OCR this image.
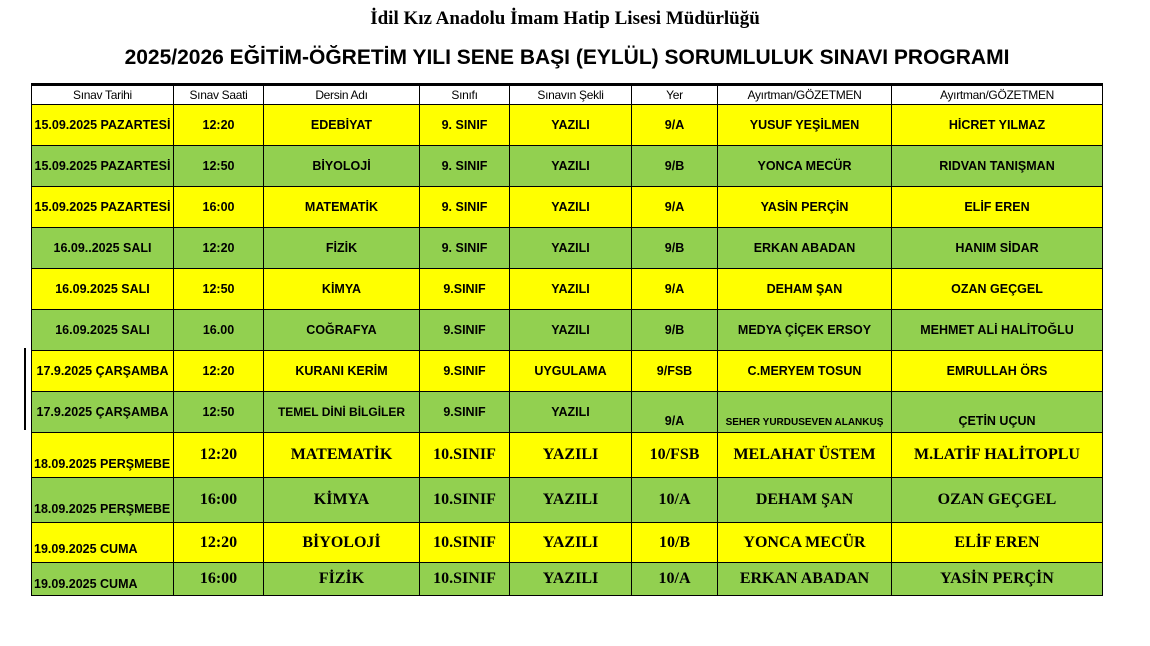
İdil Kız Anadolu İmam Hatip Lisesi Müdürlüğü
2025/2026 EĞİTİM-ÖĞRETİM YILI SENE BAŞI (EYLÜL) SORUMLULUK SINAVI PROGRAMI
Sınav Tarihi	Sınav Saati	Dersin Adı	Sınıfı	Sınavın Şekli	Yer	Ayırtman/GÖZETMEN	Ayırtman/GÖZETMEN
15.09.2025 PAZARTESİ	12:20	EDEBİYAT	9. SINIF	YAZILI	9/A	YUSUF YEŞİLMEN	HİCRET YILMAZ
15.09.2025 PAZARTESİ	12:50	BİYOLOJİ	9. SINIF	YAZILI	9/B	YONCA MECÜR	RIDVAN TANIŞMAN
15.09.2025 PAZARTESİ	16:00	MATEMATİK	9. SINIF	YAZILI	9/A	YASİN PERÇİN	ELİF EREN
16.09..2025 SALI	12:20	FİZİK	9. SINIF	YAZILI	9/B	ERKAN ABADAN	HANIM SİDAR
16.09.2025 SALI	12:50	KİMYA	9.SINIF	YAZILI	9/A	DEHAM ŞAN	OZAN GEÇGEL
16.09.2025 SALI	16.00	COĞRAFYA	9.SINIF	YAZILI	9/B	MEDYA ÇİÇEK ERSOY	MEHMET ALİ HALİTOĞLU
17.9.2025 ÇARŞAMBA	12:20	KURANI KERİM	9.SINIF	UYGULAMA	9/FSB	C.MERYEM TOSUN	EMRULLAH ÖRS
17.9.2025 ÇARŞAMBA	12:50	TEMEL DİNİ BİLGİLER	9.SINIF	YAZILI	9/A	SEHER YURDUSEVEN ALANKUŞ	ÇETİN UÇUN
18.09.2025 PERŞMEBE	12:20	MATEMATİK	10.SINIF	YAZILI	10/FSB	MELAHAT ÜSTEM	M.LATİF HALİTOPLU
18.09.2025 PERŞMEBE	16:00	KİMYA	10.SINIF	YAZILI	10/A	DEHAM ŞAN	OZAN GEÇGEL
19.09.2025 CUMA	12:20	BİYOLOJİ	10.SINIF	YAZILI	10/B	YONCA MECÜR	ELİF EREN
19.09.2025 CUMA	16:00	FİZİK	10.SINIF	YAZILI	10/A	ERKAN ABADAN	YASİN PERÇİN
